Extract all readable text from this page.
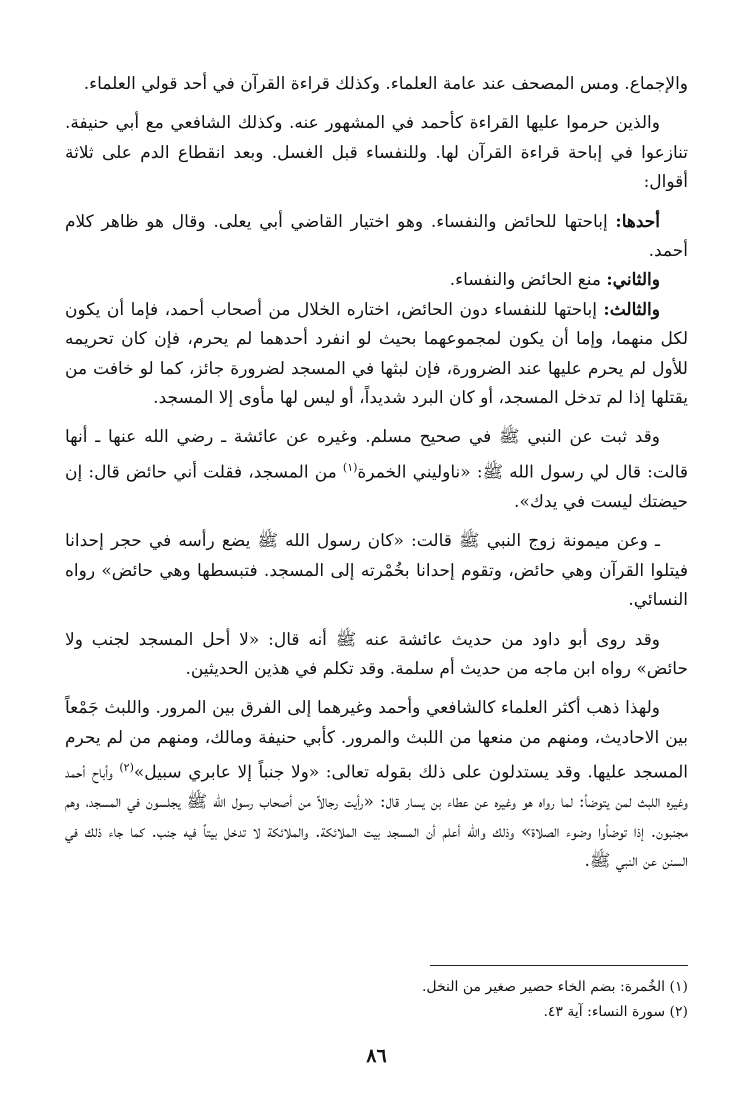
والإجماع. ومس المصحف عند عامة العلماء. وكذلك قراءة القرآن في أحد قولي العلماء.

والذين حرموا عليها القراءة كأحمد في المشهور عنه. وكذلك الشافعي مع أبي حنيفة. تنازعوا في إباحة قراءة القرآن لها. وللنفساء قبل الغسل. وبعد انقطاع الدم على ثلاثة أقوال:

أحدها: إباحتها للحائض والنفساء. وهو اختيار القاضي أبي يعلى. وقال هو ظاهر كلام أحمد.

والثاني: منع الحائض والنفساء.

والثالث: إباحتها للنفساء دون الحائض، اختاره الخلال من أصحاب أحمد، فإما أن يكون لكل منهما، وإما أن يكون لمجموعهما بحيث لو انفرد أحدهما لم يحرم، فإن كان تحريمه للأول لم يحرم عليها عند الضرورة، فإن لبثها في المسجد لضرورة جائز، كما لو خافت من يقتلها إذا لم تدخل المسجد، أو كان البرد شديداً، أو ليس لها مأوى إلا المسجد.

وقد ثبت عن النبي ﷺ في صحيح مسلم. وغيره عن عائشة ـ رضي الله عنها ـ أنها قالت: قال لي رسول الله ﷺ: «ناوليني الخمرة$^{(١)}$ من المسجد، فقلت أني حائض قال: إن حيضتك ليست في يدك».

ـ وعن ميمونة زوج النبي ﷺ قالت: «كان رسول الله ﷺ يضع رأسه في حجر إحدانا فيتلوا القرآن وهي حائض، وتقوم إحدانا بخُمْرته إلى المسجد. فتبسطها وهي حائض» رواه النسائي.

وقد روى أبو داود من حديث عائشة عنه ﷺ أنه قال: «لا أحل المسجد لجنب ولا حائض» رواه ابن ماجه من حديث أم سلمة. وقد تكلم في هذين الحديثين.

ولهذا ذهب أكثر العلماء كالشافعي وأحمد وغيرهما إلى الفرق بين المرور. واللبث جَمْعاً بين الاحاديث، ومنهم من منعها من اللبث والمرور. كأبي حنيفة ومالك، ومنهم من لم يحرم المسجد عليها. وقد يستدلون على ذلك بقوله تعالى: «ولا جنباً إلا عابري سبيل»$^{(٢)}$ وأباح أحمد وغيره اللبث لمن يتوضأ: لما رواه هو وغيره عن عطاء بن يسار قال: «رأيت رجالاً من أصحاب رسول الله ﷺ يجلسون في المسجد، وهم مجنبون. إذا توضأوا وضوء الصلاة» وذلك والله أعلم أن المسجد بيت الملائكة. والملائكة لا تدخل بيتاً فيه جنب. كما جاء ذلك في السنن عن النبي ﷺ.

(١) الخُمرة: بضم الخاء حصير صغير من النخل.
(٢) سورة النساء: آية ٤٣.
٨٦
